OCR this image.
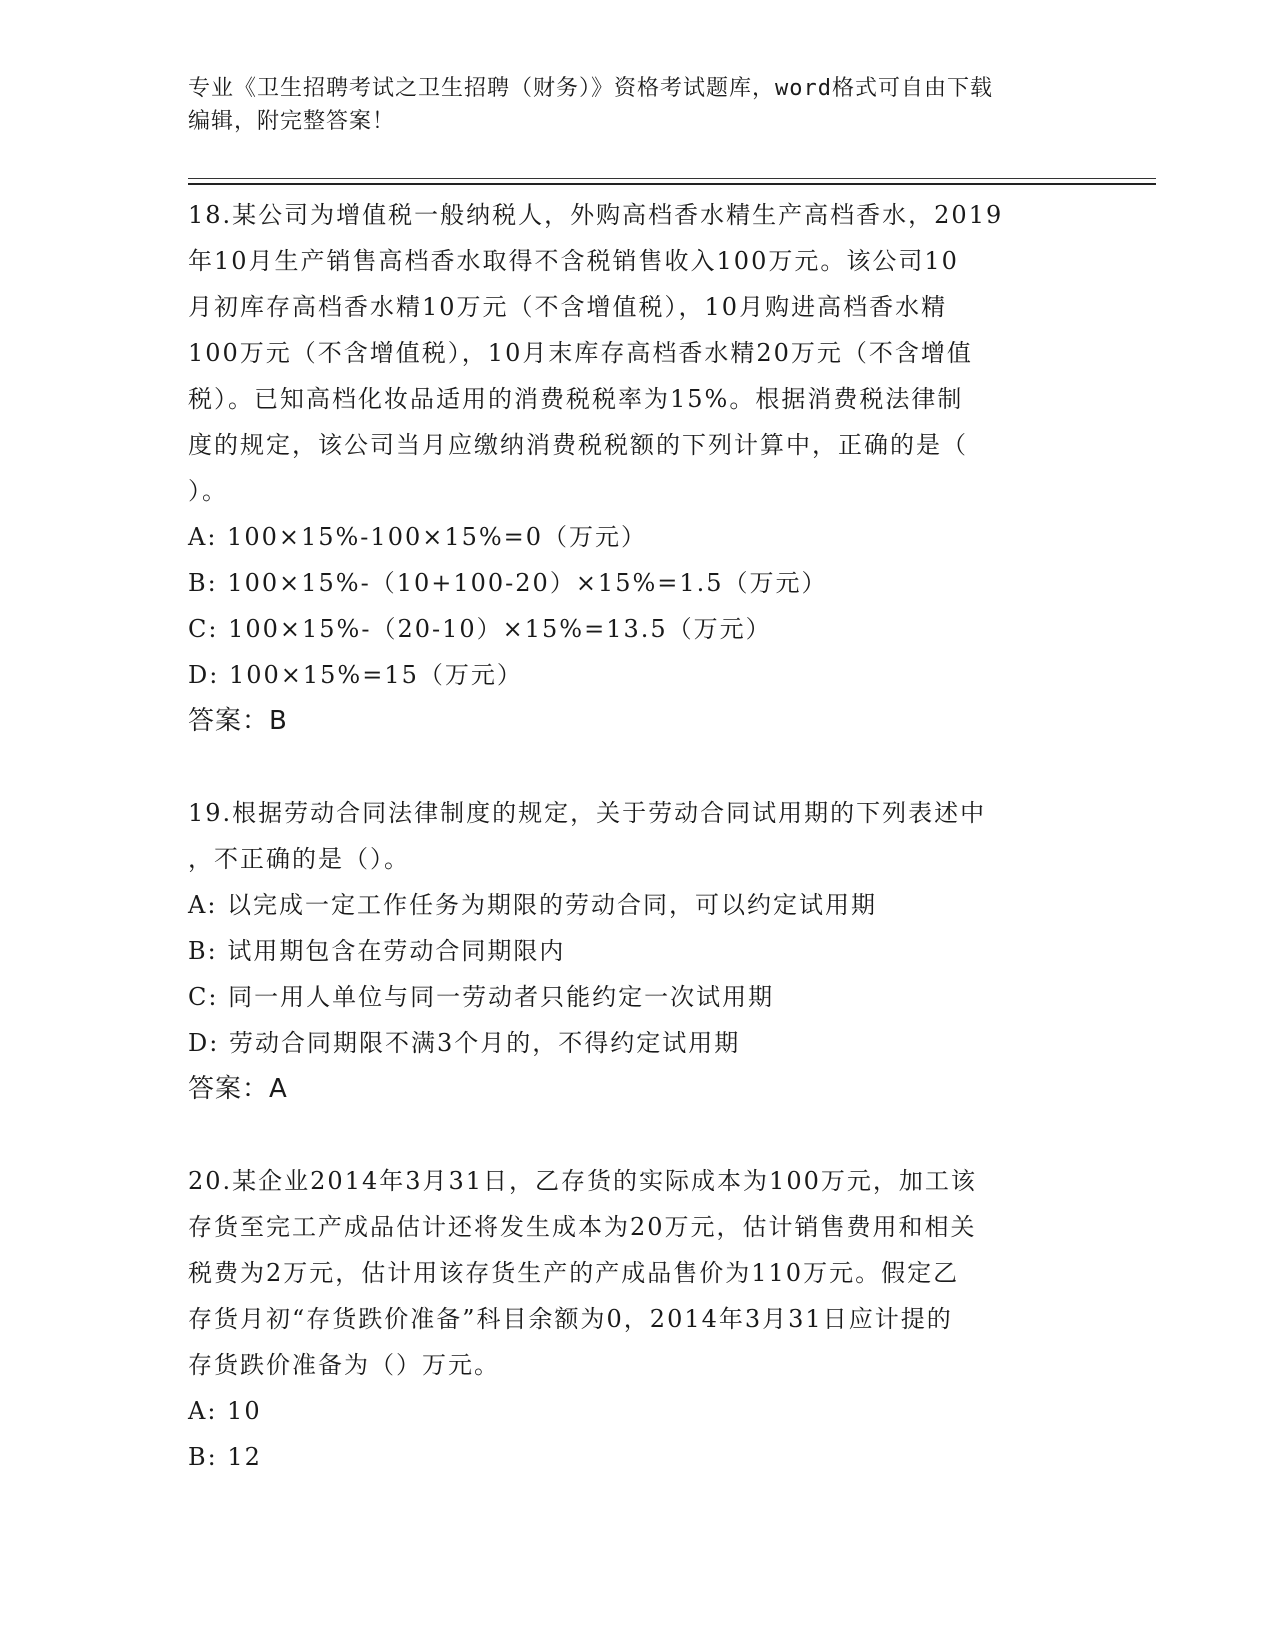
专业《卫生招聘考试之卫生招聘（财务）》资格考试题库，word格式可自由下载
编辑，附完整答案！

18.某公司为增值税一般纳税人，外购高档香水精生产高档香水，2019

年10月生产销售高档香水取得不含税销售收入100万元。该公司10

月初库存高档香水精10万元（不含增值税），10月购进高档香水精

100万元（不含增值税），10月末库存高档香水精20万元（不含增值

税）。已知高档化妆品适用的消费税税率为15%。根据消费税法律制

度的规定，该公司当月应缴纳消费税税额的下列计算中，正确的是（

）。

A: 100×15%-100×15%=0（万元）

B: 100×15%-（10+100-20）×15%=1.5（万元）

C: 100×15%-（20-10）×15%=13.5（万元）

D: 100×15%=15（万元）

答案：B

19.根据劳动合同法律制度的规定，关于劳动合同试用期的下列表述中

，不正确的是（）。

A: 以完成一定工作任务为期限的劳动合同，可以约定试用期

B: 试用期包含在劳动合同期限内

C: 同一用人单位与同一劳动者只能约定一次试用期

D: 劳动合同期限不满3个月的，不得约定试用期

答案：A

20.某企业2014年3月31日，乙存货的实际成本为100万元，加工该

存货至完工产成品估计还将发生成本为20万元，估计销售费用和相关

税费为2万元，估计用该存货生产的产成品售价为110万元。假定乙

存货月初“存货跌价准备”科目余额为0，2014年3月31日应计提的

存货跌价准备为（）万元。

A: 10

B: 12
